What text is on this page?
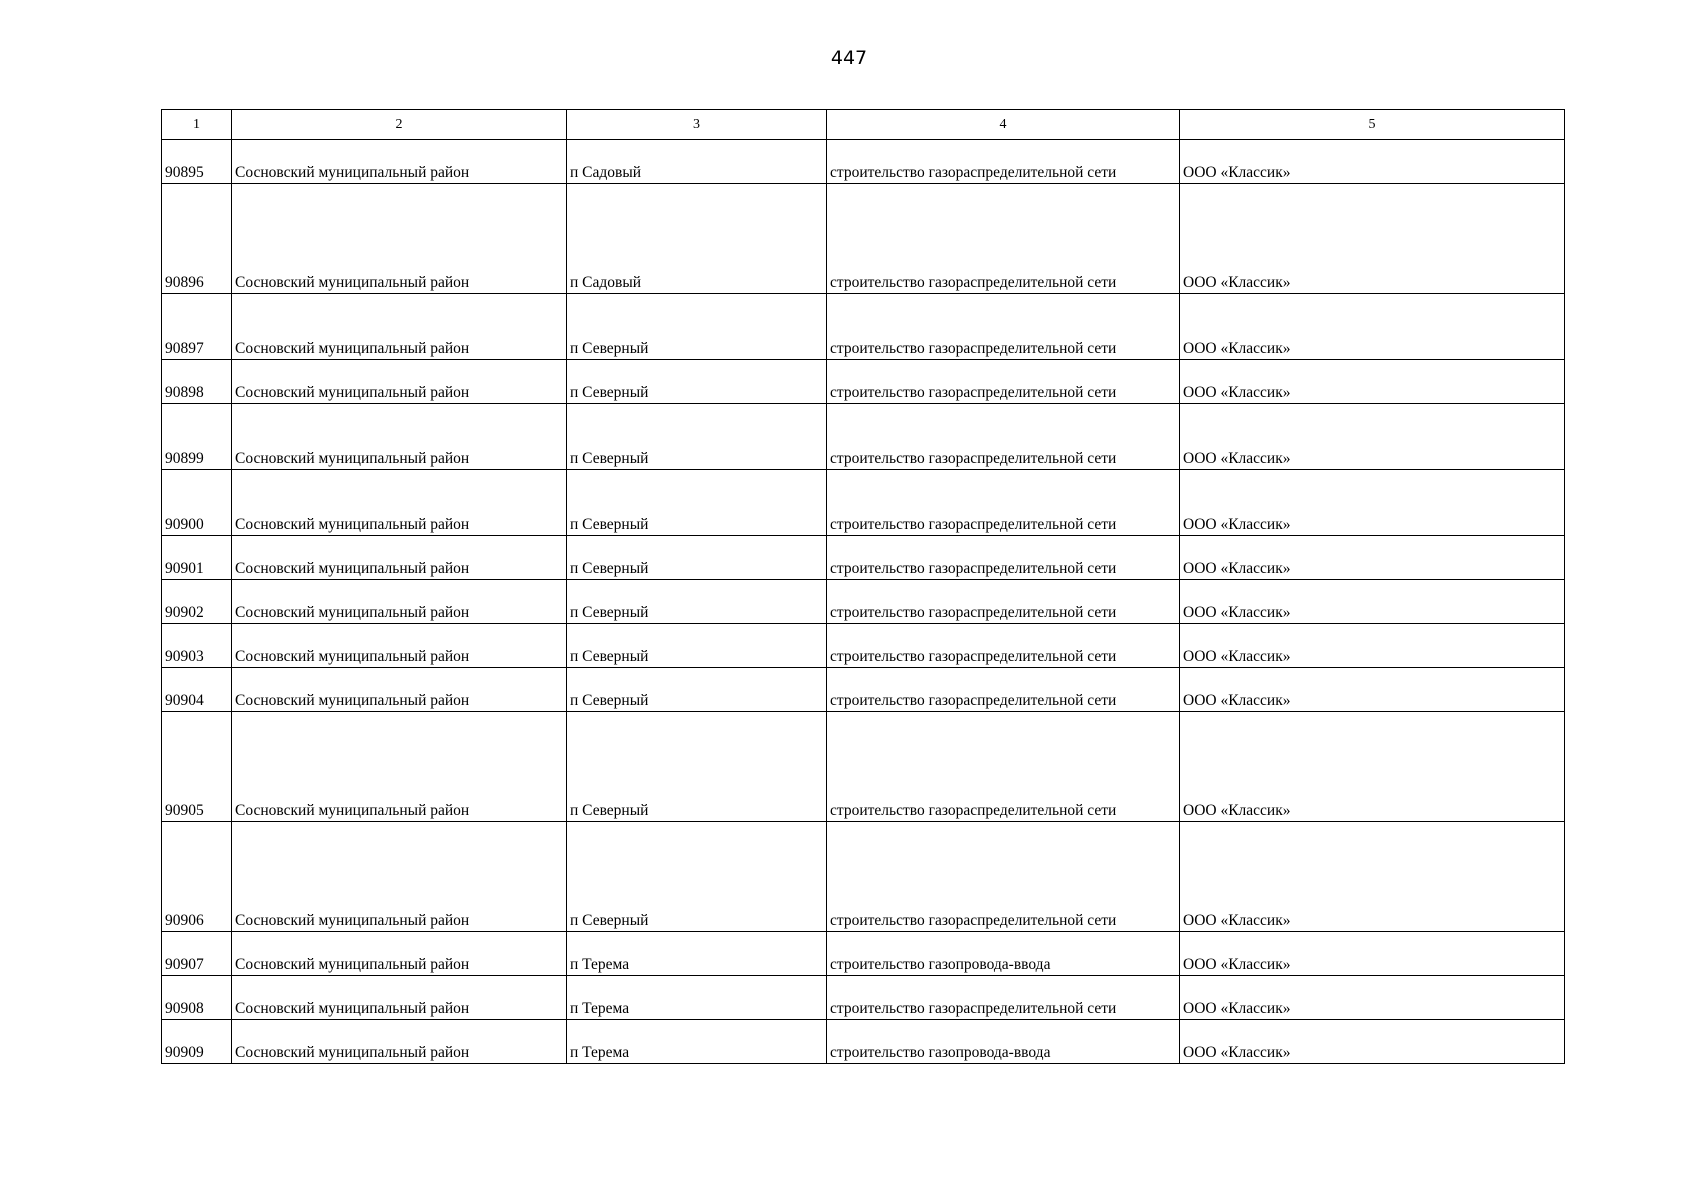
447
1	2	3	4	5
90895	Сосновский муниципальный район	п Садовый	строительство газораспределительной сети	ООО «Классик»
90896	Сосновский муниципальный район	п Садовый	строительство газораспределительной сети	ООО «Классик»
90897	Сосновский муниципальный район	п Северный	строительство газораспределительной сети	ООО «Классик»
90898	Сосновский муниципальный район	п Северный	строительство газораспределительной сети	ООО «Классик»
90899	Сосновский муниципальный район	п Северный	строительство газораспределительной сети	ООО «Классик»
90900	Сосновский муниципальный район	п Северный	строительство газораспределительной сети	ООО «Классик»
90901	Сосновский муниципальный район	п Северный	строительство газораспределительной сети	ООО «Классик»
90902	Сосновский муниципальный район	п Северный	строительство газораспределительной сети	ООО «Классик»
90903	Сосновский муниципальный район	п Северный	строительство газораспределительной сети	ООО «Классик»
90904	Сосновский муниципальный район	п Северный	строительство газораспределительной сети	ООО «Классик»
90905	Сосновский муниципальный район	п Северный	строительство газораспределительной сети	ООО «Классик»
90906	Сосновский муниципальный район	п Северный	строительство газораспределительной сети	ООО «Классик»
90907	Сосновский муниципальный район	п Терема	строительство газопровода-ввода	ООО «Классик»
90908	Сосновский муниципальный район	п Терема	строительство газораспределительной сети	ООО «Классик»
90909	Сосновский муниципальный район	п Терема	строительство газопровода-ввода	ООО «Классик»
